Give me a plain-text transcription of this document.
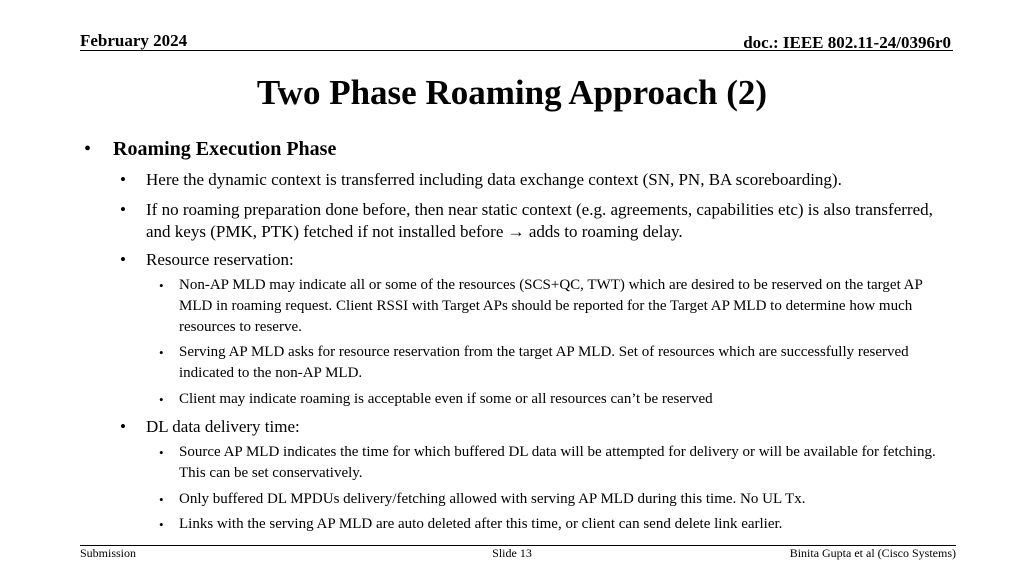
February 2024	doc.: IEEE 802.11-24/0396r0
Two Phase Roaming Approach (2)
• Roaming Execution Phase
• Here the dynamic context is transferred including data exchange context (SN, PN, BA scoreboarding).
• If no roaming preparation done before, then near static context (e.g. agreements, capabilities etc) is also transferred, and keys (PMK, PTK) fetched if not installed before → adds to roaming delay.
• Resource reservation:
• Non-AP MLD may indicate all or some of the resources (SCS+QC, TWT) which are desired to be reserved on the target AP MLD in roaming request. Client RSSI with Target APs should be reported for the Target AP MLD to determine how much resources to reserve.
• Serving AP MLD asks for resource reservation from the target AP MLD. Set of resources which are successfully reserved indicated to the non-AP MLD.
• Client may indicate roaming is acceptable even if some or all resources can’t be reserved
• DL data delivery time:
• Source AP MLD indicates the time for which buffered DL data will be attempted for delivery or will be available for fetching. This can be set conservatively.
• Only buffered DL MPDUs delivery/fetching allowed with serving AP MLD during this time. No UL Tx.
• Links with the serving AP MLD are auto deleted after this time, or client can send delete link earlier.
Submission	Slide 13	Binita Gupta et al (Cisco Systems)
